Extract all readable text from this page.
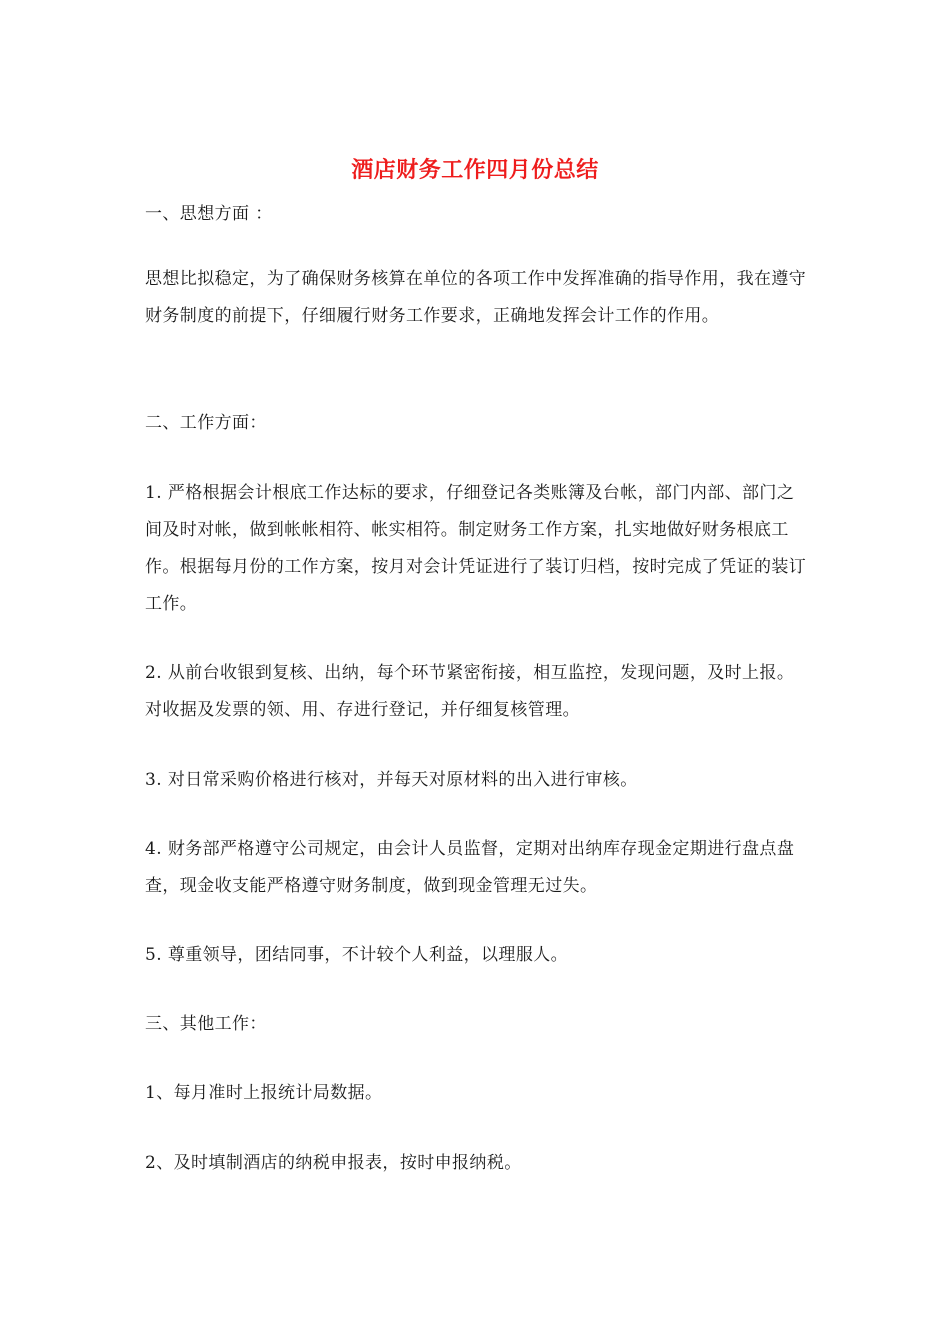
酒店财务工作四月份总结

一、思想方面 ：

思想比拟稳定，为了确保财务核算在单位的各项工作中发挥准确的指导作用，我在遵守财务制度的前提下，仔细履行财务工作要求，正确地发挥会计工作的作用。

二、工作方面：

1. 严格根据会计根底工作达标的要求，仔细登记各类账簿及台帐，部门内部、部门之间及时对帐，做到帐帐相符、帐实相符。制定财务工作方案，扎实地做好财务根底工作。根据每月份的工作方案，按月对会计凭证进行了装订归档，按时完成了凭证的装订工作。

2. 从前台收银到复核、出纳，每个环节紧密衔接，相互监控，发现问题，及时上报。对收据及发票的领、用、存进行登记，并仔细复核管理。

3. 对日常采购价格进行核对，并每天对原材料的出入进行审核。

4. 财务部严格遵守公司规定，由会计人员监督，定期对出纳库存现金定期进行盘点盘查，现金收支能严格遵守财务制度，做到现金管理无过失。

5. 尊重领导，团结同事，不计较个人利益，以理服人。

三、其他工作：

1、每月准时上报统计局数据。

2、及时填制酒店的纳税申报表，按时申报纳税。
